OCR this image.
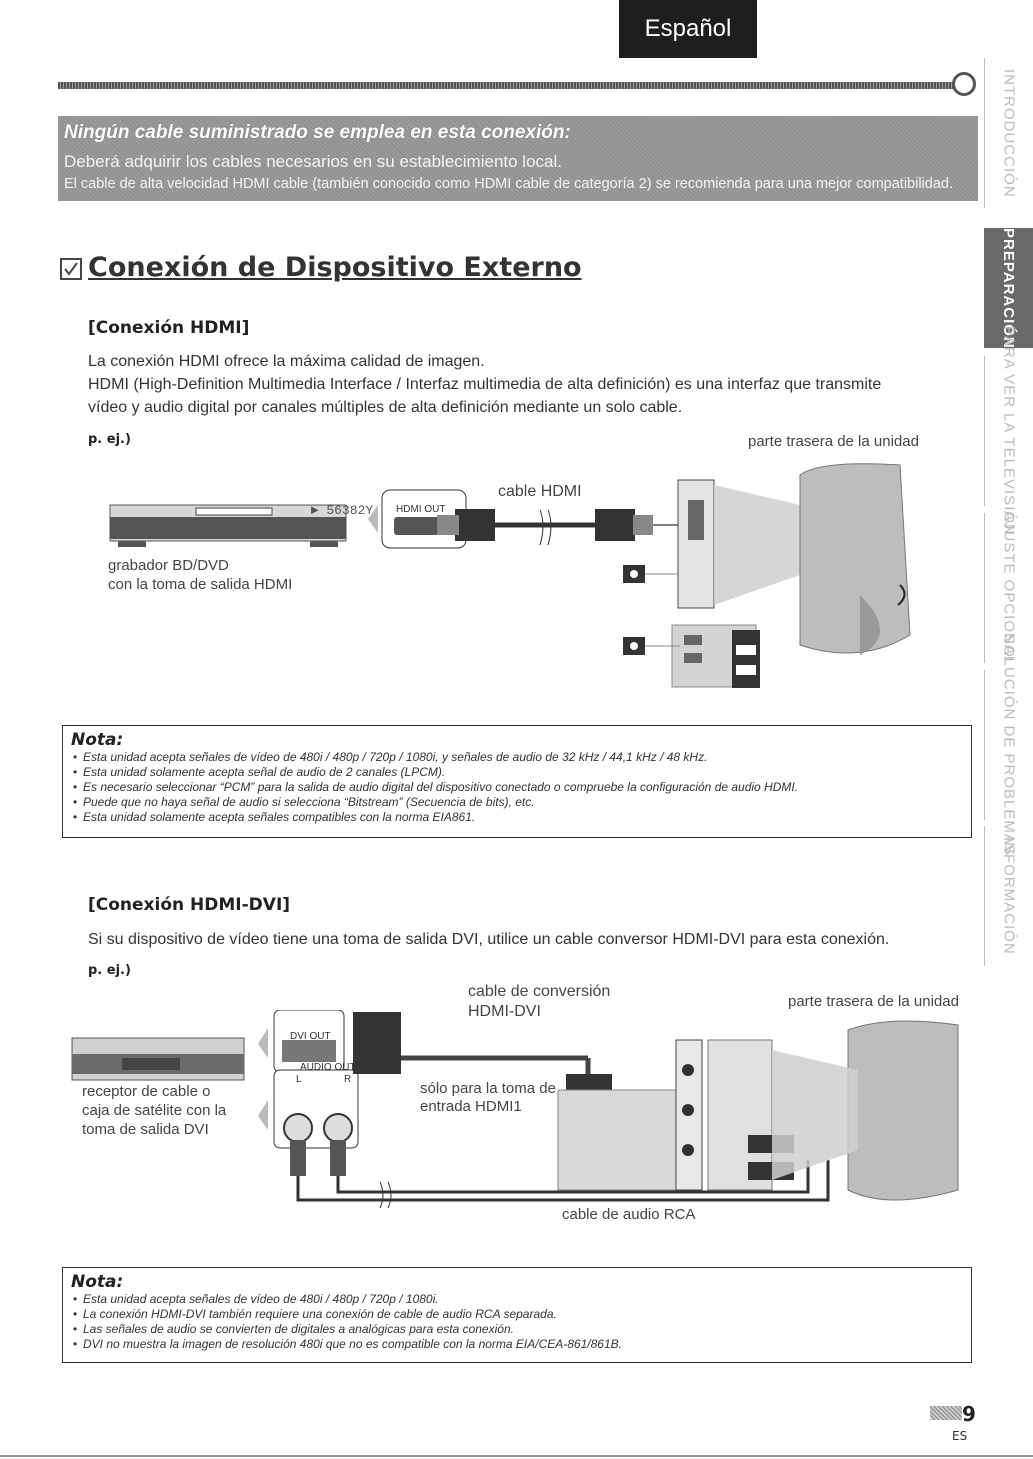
Español
Ningún cable suministrado se emplea en esta conexión:
Deberá adquirir los cables necesarios en su establecimiento local.
El cable de alta velocidad HDMI cable (también conocido como HDMI cable de categoría 2) se recomienda para una mejor compatibilidad.	INTRODUCCIÓN
PREPARACIÓN
PARA VER LA TELEVISIÓN
AJUSTE OPCIONAL
SOLUCIÓN DE PROBLEMAS
INFORMACIÓN
Conexión de Dispositivo Externo
[Conexión HDMI]
La conexión HDMI ofrece la máxima calidad de imagen.
HDMI (High-Definition Multimedia Interface / Interfaz multimedia de alta definición) es una interfaz que transmite
vídeo y audio digital por canales múltiples de alta definición mediante un solo cable.
p. ej.)	parte trasera de la unidad
► 56382Y	HDMI OUT
cable HDMI
grabador BD/DVD
con la toma de salida HDMI
Nota:
• Esta unidad acepta señales de vídeo de 480i / 480p / 720p / 1080i, y señales de audio de 32 kHz / 44,1 kHz / 48 kHz.
• Esta unidad solamente acepta señal de audio de 2 canales (LPCM).
• Es necesario seleccionar “PCM” para la salida de audio digital del dispositivo conectado o compruebe la configuración de audio HDMI.
• Puede que no haya señal de audio si selecciona “Bitstream” (Secuencia de bits), etc.
• Esta unidad solamente acepta señales compatibles con la norma EIA861.
[Conexión HDMI-DVI]
Si su dispositivo de vídeo tiene una toma de salida DVI, utilice un cable conversor HDMI-DVI para esta conexión.
p. ej.)
cable de conversión
HDMI-DVI
parte trasera de la unidad
DVI OUT
AUDIO OUT
L	R
sólo para la toma de
entrada HDMI1
receptor de cable o
caja de satélite con la
toma de salida DVI
cable de audio RCA
Nota:
• Esta unidad acepta señales de vídeo de 480i / 480p / 720p / 1080i.
• La conexión HDMI-DVI también requiere una conexión de cable de audio RCA separada.
• Las señales de audio se convierten de digitales a analógicas para esta conexión.
• DVI no muestra la imagen de resolución 480i que no es compatible con la norma EIA/CEA-861/861B.
9
ES
